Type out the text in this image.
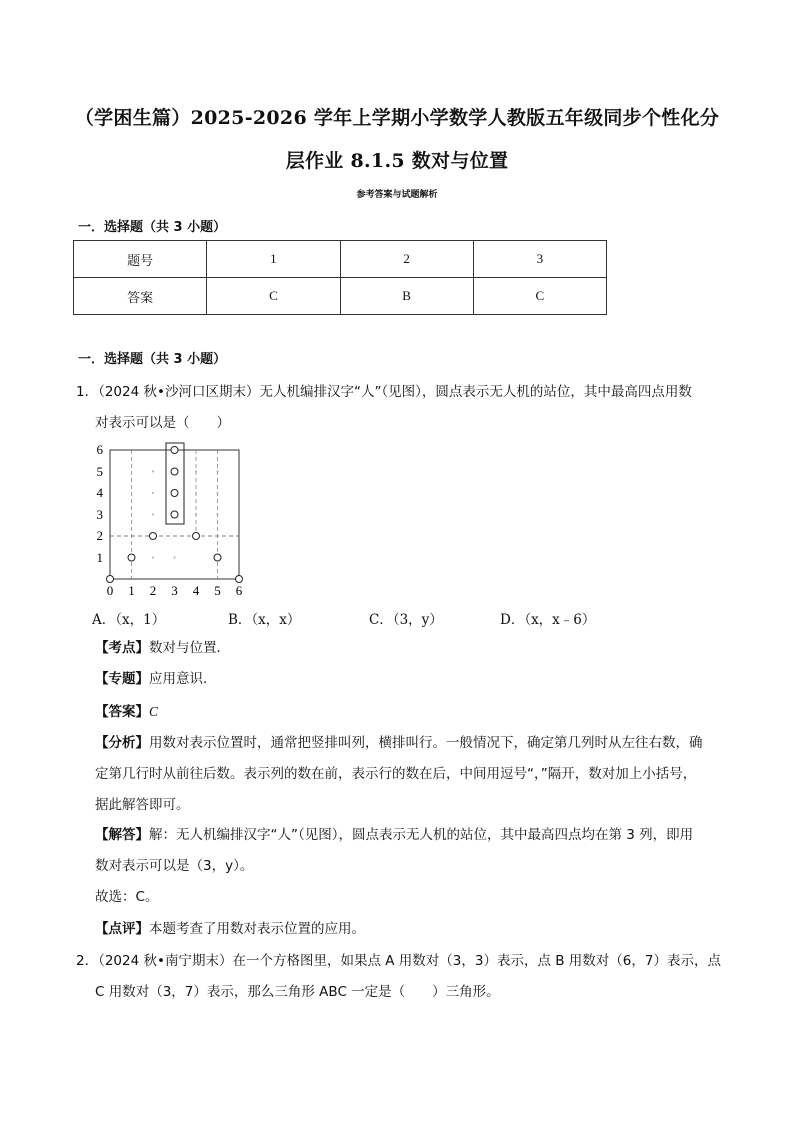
（学困生篇）2025-2026 学年上学期小学数学人教版五年级同步个性化分
层作业 8.1.5 数对与位置
参考答案与试题解析
一．选择题（共 3 小题）
题号	1	2	3
答案	C	B	C
一．选择题（共 3 小题）
1．（2024 秋•沙河口区期末）无人机编排汉字“人”（见图），圆点表示无人机的站位，其中最高四点用数
对表示可以是（　　）
1
2
3
4
5
6
0 1 2 3 4 5 6
A．（x，1）	B．（x，x）	C．（3，y）	D．（x，x﹣6）
【考点】数对与位置．
【专题】应用意识．
【答案】C
【分析】用数对表示位置时，通常把竖排叫列，横排叫行。一般情况下，确定第几列时从左往右数，确
定第几行时从前往后数。表示列的数在前，表示行的数在后，中间用逗号“，”隔开，数对加上小括号，
据此解答即可。
【解答】解：无人机编排汉字“人”（见图），圆点表示无人机的站位，其中最高四点均在第 3 列，即用
数对表示可以是（3，y）。
故选：C。
【点评】本题考查了用数对表示位置的应用。
2．（2024 秋•南宁期末）在一个方格图里，如果点 A 用数对（3，3）表示，点 B 用数对（6，7）表示，点
C 用数对（3，7）表示，那么三角形 ABC 一定是（　　）三角形。
